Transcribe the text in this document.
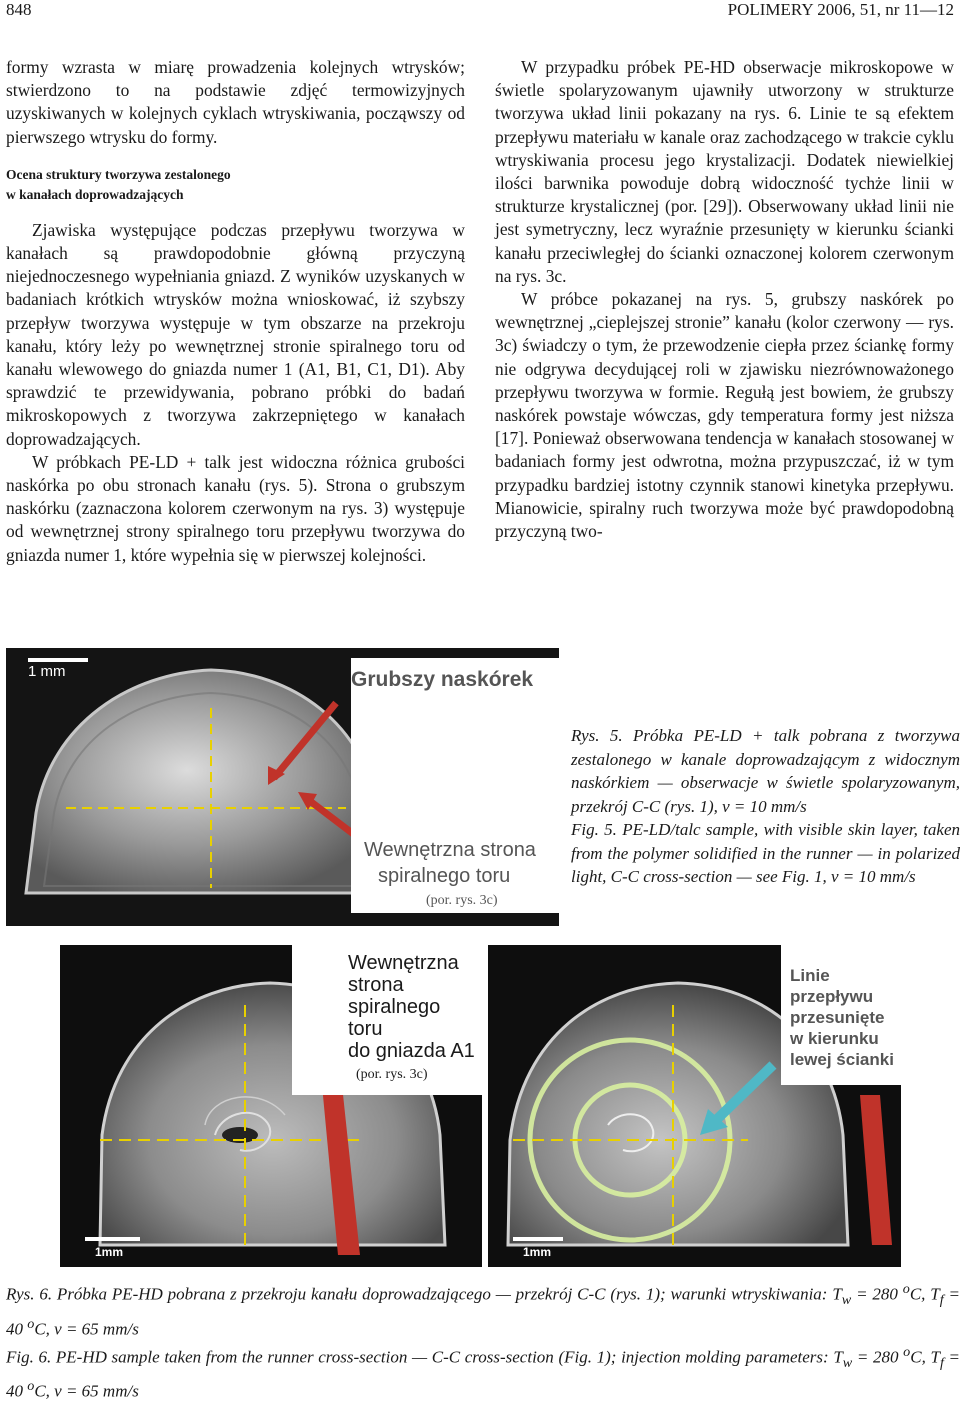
848	POLIMERY 2006, 51, nr 11—12

formy wzrasta w miarę prowadzenia kolejnych wtrysków; stwierdzono to na podstawie zdjęć termowizyjnych uzyskiwanych w kolejnych cyklach wtryskiwania, począwszy od pierwszego wtrysku do formy.

Ocena struktury tworzywa zestalonego
w kanałach doprowadzających

Zjawiska występujące podczas przepływu tworzywa w kanałach są prawdopodobnie główną przyczyną niejednoczesnego wypełniania gniazd. Z wyników uzyskanych w badaniach krótkich wtrysków można wnioskować, iż szybszy przepływ tworzywa występuje w tym obszarze na przekroju kanału, który leży po wewnętrznej stronie spiralnego toru od kanału wlewowego do gniazda numer 1 (A1, B1, C1, D1). Aby sprawdzić te przewidywania, pobrano próbki do badań mikroskopowych z tworzywa zakrzepniętego w kanałach doprowadzających.

W próbkach PE-LD + talk jest widoczna różnica grubości naskórka po obu stronach kanału (rys. 5). Strona o grubszym naskórku (zaznaczona kolorem czerwonym na rys. 3) występuje od wewnętrznej strony spiralnego toru przepływu tworzywa do gniazda numer 1, które wypełnia się w pierwszej kolejności.

W przypadku próbek PE-HD obserwacje mikroskopowe w świetle spolaryzowanym ujawniły utworzony w strukturze tworzywa układ linii pokazany na rys. 6. Linie te są efektem przepływu materiału w kanale oraz zachodzącego w trakcie cyklu wtryskiwania procesu jego krystalizacji. Dodatek niewielkiej ilości barwnika powoduje dobrą widoczność tychże linii w strukturze krystalicznej (por. [29]). Obserwowany układ linii nie jest symetryczny, lecz wyraźnie przesunięty w kierunku ścianki kanału przeciwległej do ścianki oznaczonej kolorem czerwonym na rys. 3c.

W próbce pokazanej na rys. 5, grubszy naskórek po wewnętrznej „cieplejszej stronie” kanału (kolor czerwony — rys. 3c) świadczy o tym, że przewodzenie ciepła przez ściankę formy nie odgrywa decydującej roli w zjawisku niezrównoważonego przepływu tworzywa w formie. Regułą jest bowiem, że grubszy naskórek powstaje wówczas, gdy temperatura formy jest niższa [17]. Ponieważ obserwowana tendencja w kanałach stosowanej w badaniach formy jest odwrotna, można przypuszczać, iż w tym przypadku bardziej istotny czynnik stanowi kinetyka przepływu. Mianowicie, spiralny ruch tworzywa może być prawdopodobną przyczyną two-

1 mm	Grubszy naskórek
Wewnętrzna strona
spiralnego toru
(por. rys. 3c)

Rys. 5. Próbka PE-LD + talk pobrana z tworzywa zestalonego w kanale doprowadzającym z widocznym naskórkiem — obserwacje w świetle spolaryzowanym, przekrój C-C (rys. 1), ν = 10 mm/s

Fig. 5. PE-LD/talc sample, with visible skin layer, taken from the polymer solidified in the runner — in polarized light, C-C cross-section — see Fig. 1, ν = 10 mm/s

Wewnętrzna
strona
spiralnego
toru
do gniazda A1
(por. rys. 3c)
1mm
Linie
przepływu
przesunięte
w kierunku
lewej ścianki
1mm

Rys. 6. Próbka PE-HD pobrana z przekroju kanału doprowadzającego — przekrój C-C (rys. 1); warunki wtryskiwania: $T_w = 280$ $^o$C, $T_f = 40$ $^o$C, ν = 65 mm/s

Fig. 6. PE-HD sample taken from the runner cross-section — C-C cross-section (Fig. 1); injection molding parameters: $T_w = 280$ $^o$C, $T_f = 40$ $^o$C, ν = 65 mm/s
